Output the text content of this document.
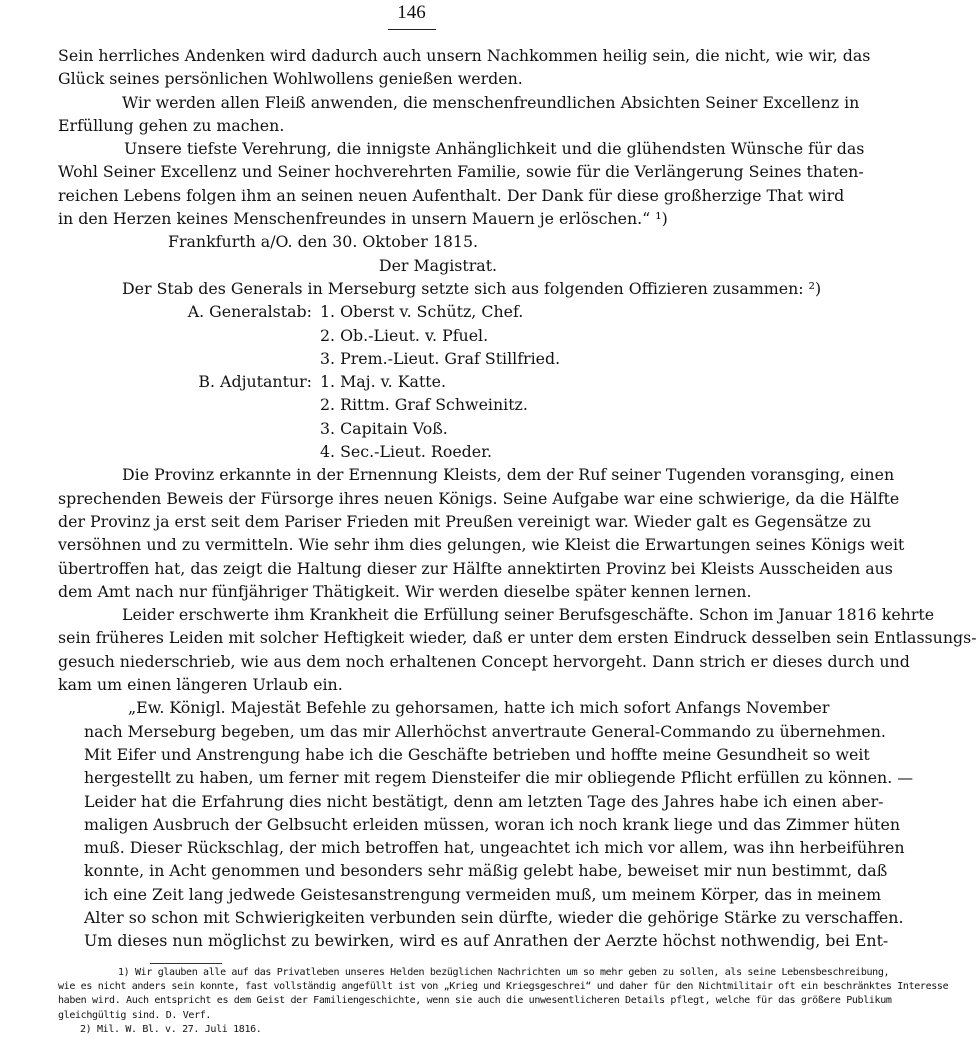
146
Sein herrliches Andenken wird dadurch auch unsern Nachkommen heilig sein, die nicht, wie wir, das
Glück seines persönlichen Wohlwollens genießen werden.
Wir werden allen Fleiß anwenden, die menschenfreundlichen Absichten Seiner Excellenz in
Erfüllung gehen zu machen.
Unsere tiefste Verehrung, die innigste Anhänglichkeit und die glühendsten Wünsche für das
Wohl Seiner Excellenz und Seiner hochverehrten Familie, sowie für die Verlängerung Seines thaten-
reichen Lebens folgen ihm an seinen neuen Aufenthalt. Der Dank für diese großherzige That wird
in den Herzen keines Menschenfreundes in unsern Mauern je erlöschen.“ ¹)
Frankfurth a/O. den 30. Oktober 1815.
Der Magistrat.
Der Stab des Generals in Merseburg setzte sich aus folgenden Offizieren zusammen: ²)
A. Generalstab: 1. Oberst v. Schütz, Chef.
2. Ob.-Lieut. v. Pfuel.
3. Prem.-Lieut. Graf Stillfried.
B. Adjutantur: 1. Maj. v. Katte.
2. Rittm. Graf Schweinitz.
3. Capitain Voß.
4. Sec.-Lieut. Roeder.
Die Provinz erkannte in der Ernennung Kleists, dem der Ruf seiner Tugenden voransging, einen
sprechenden Beweis der Fürsorge ihres neuen Königs. Seine Aufgabe war eine schwierige, da die Hälfte
der Provinz ja erst seit dem Pariser Frieden mit Preußen vereinigt war. Wieder galt es Gegensätze zu
versöhnen und zu vermitteln. Wie sehr ihm dies gelungen, wie Kleist die Erwartungen seines Königs weit
übertroffen hat, das zeigt die Haltung dieser zur Hälfte annektirten Provinz bei Kleists Ausscheiden aus
dem Amt nach nur fünfjähriger Thätigkeit. Wir werden dieselbe später kennen lernen.
Leider erschwerte ihm Krankheit die Erfüllung seiner Berufsgeschäfte. Schon im Januar 1816 kehrte
sein früheres Leiden mit solcher Heftigkeit wieder, daß er unter dem ersten Eindruck desselben sein Entlassungs-
gesuch niederschrieb, wie aus dem noch erhaltenen Concept hervorgeht. Dann strich er dieses durch und
kam um einen längeren Urlaub ein.
„Ew. Königl. Majestät Befehle zu gehorsamen, hatte ich mich sofort Anfangs November
nach Merseburg begeben, um das mir Allerhöchst anvertraute General-Commando zu übernehmen.
Mit Eifer und Anstrengung habe ich die Geschäfte betrieben und hoffte meine Gesundheit so weit
hergestellt zu haben, um ferner mit regem Diensteifer die mir obliegende Pflicht erfüllen zu können. —
Leider hat die Erfahrung dies nicht bestätigt, denn am letzten Tage des Jahres habe ich einen aber-
maligen Ausbruch der Gelbsucht erleiden müssen, woran ich noch krank liege und das Zimmer hüten
muß. Dieser Rückschlag, der mich betroffen hat, ungeachtet ich mich vor allem, was ihn herbeiführen
konnte, in Acht genommen und besonders sehr mäßig gelebt habe, beweiset mir nun bestimmt, daß
ich eine Zeit lang jedwede Geistesanstrengung vermeiden muß, um meinem Körper, das in meinem
Alter so schon mit Schwierigkeiten verbunden sein dürfte, wieder die gehörige Stärke zu verschaffen.
Um dieses nun möglichst zu bewirken, wird es auf Anrathen der Aerzte höchst nothwendig, bei Ent-
1) Wir glauben alle auf das Privatleben unseres Helden bezüglichen Nachrichten um so mehr geben zu sollen, als seine Lebensbeschreibung,
wie es nicht anders sein konnte, fast vollständig angefüllt ist von „Krieg und Kriegsgeschrei“ und daher für den Nichtmilitair oft ein beschränktes Interesse
haben wird. Auch entspricht es dem Geist der Familiengeschichte, wenn sie auch die unwesentlicheren Details pflegt, welche für das größere Publikum
gleichgültig sind. D. Verf.
2) Mil. W. Bl. v. 27. Juli 1816.
